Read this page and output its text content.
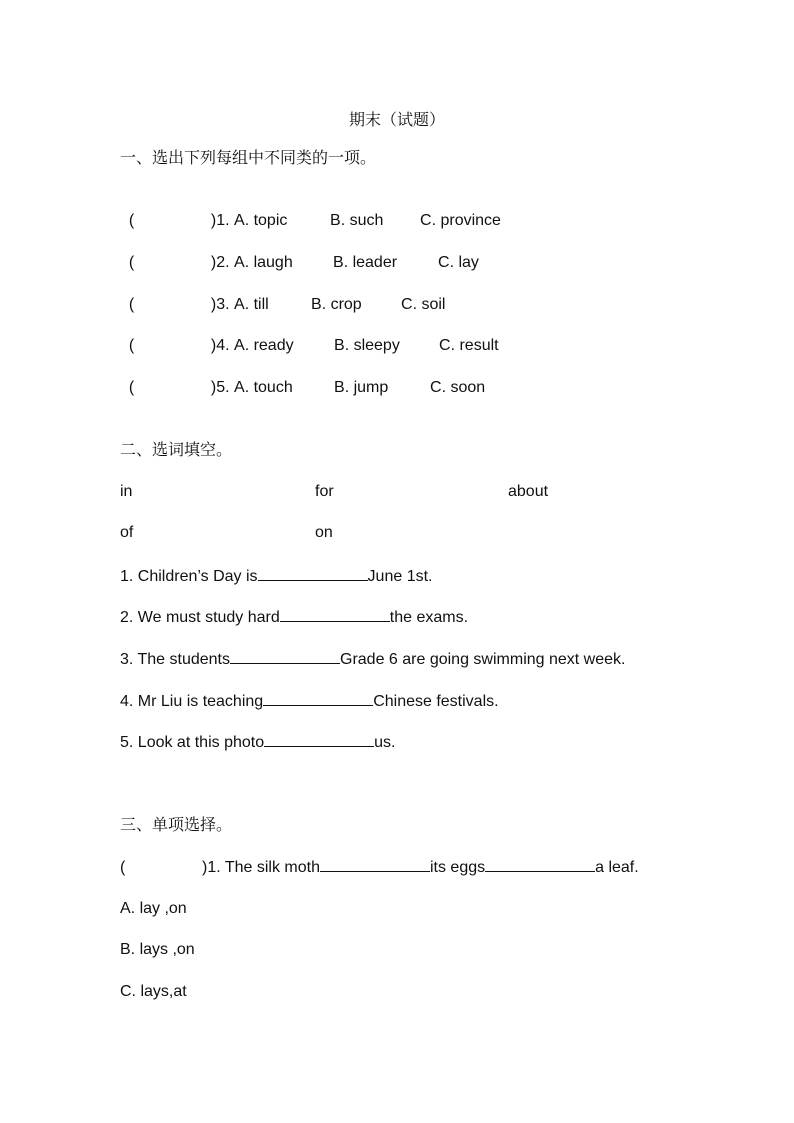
期末（试题）
一、选出下列每组中不同类的一项。

(	)1. A. topic	B. such C. province

(	)2. A. laugh	B. leader	C. lay

(	)3. A. till	B. crop C. soil

(	)4. A. ready	B. sleepy C. result

(	)5. A. touch	B. jump	C. soon

二、选词填空。
in	for	about
of	on
1. Children’s Day is	June 1st.
2. We must study hard	the exams.
3. The students	Grade 6 are going swimming next week.
4. Mr Liu is teaching	Chinese festivals.
5. Look at this photo	us.
三、单项选择。
(	)1. The silk moth	its eggs	a leaf.
A. lay ,on
B. lays ,on
C. lays,at
